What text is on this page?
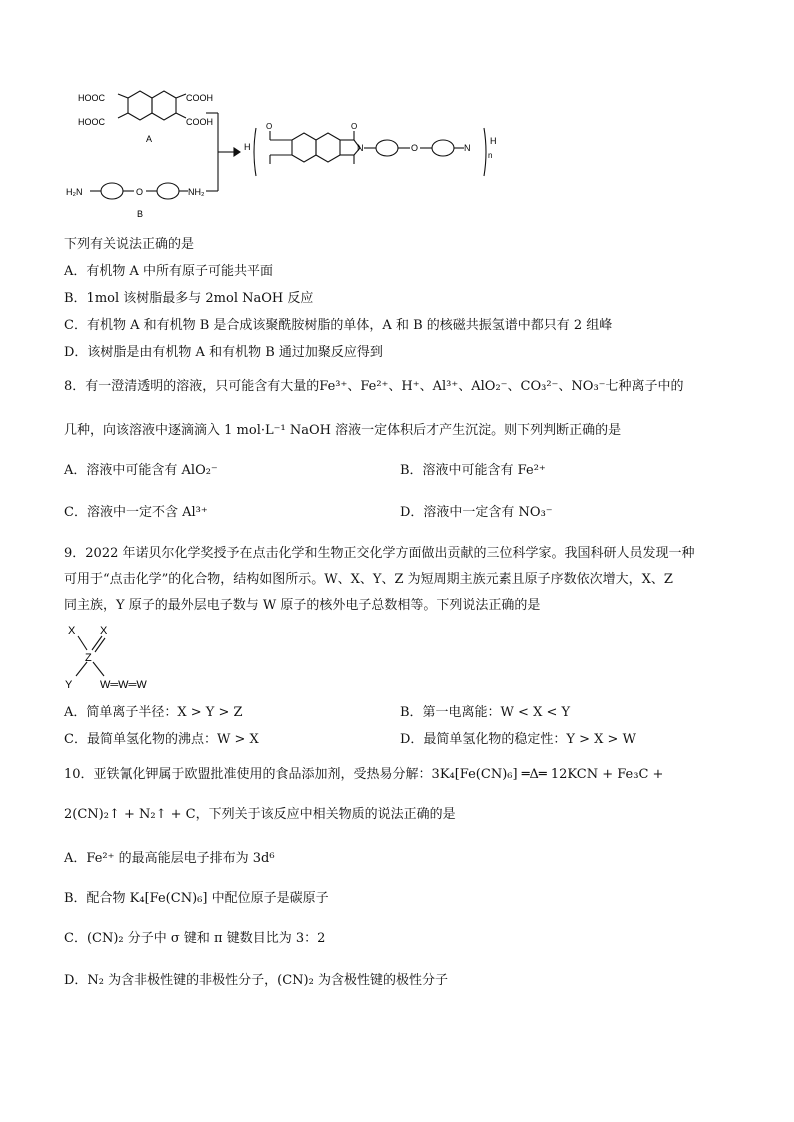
HOOC	COOH
HOOC	COOH
A
H₂N	O	NH₂
B
H
O	O
N	O	N
H
n
下列有关说法正确的是
A．有机物 A 中所有原子可能共平面
B．1mol 该树脂最多与 2mol NaOH 反应
C．有机物 A 和有机物 B 是合成该聚酰胺树脂的单体，A 和 B 的核磁共振氢谱中都只有 2 组峰
D．该树脂是由有机物 A 和有机物 B 通过加聚反应得到
8．有一澄清透明的溶液，只可能含有大量的Fe³⁺、Fe²⁺、H⁺、Al³⁺、AlO₂⁻、CO₃²⁻、NO₃⁻七种离子中的
几种，向该溶液中逐滴滴入 1 mol·L⁻¹ NaOH 溶液一定体积后才产生沉淀。则下列判断正确的是
A．溶液中可能含有 AlO₂⁻	B．溶液中可能含有 Fe²⁺
C．溶液中一定不含 Al³⁺	D．溶液中一定含有 NO₃⁻
9．2022 年诺贝尔化学奖授予在点击化学和生物正交化学方面做出贡献的三位科学家。我国科研人员发现一种
可用于“点击化学”的化合物，结构如图所示。W、X、Y、Z 为短周期主族元素且原子序数依次增大，X、Z
同主族，Y 原子的最外层电子数与 W 原子的核外电子总数相等。下列说法正确的是
X X
Z
Y	W═W═W
A．简单离子半径：X > Y > Z	B．第一电离能：W < X < Y
C．最简单氢化物的沸点：W > X	D．最简单氢化物的稳定性：Y > X > W
10．亚铁氰化钾属于欧盟批准使用的食品添加剂，受热易分解：3K₄[Fe(CN)₆] ═Δ═ 12KCN + Fe₃C +
2(CN)₂↑ + N₂↑ + C，下列关于该反应中相关物质的说法正确的是
A．Fe²⁺ 的最高能层电子排布为 3d⁶
B．配合物 K₄[Fe(CN)₆] 中配位原子是碳原子
C．(CN)₂ 分子中 σ 键和 π 键数目比为 3：2
D．N₂ 为含非极性键的非极性分子，(CN)₂ 为含极性键的极性分子
